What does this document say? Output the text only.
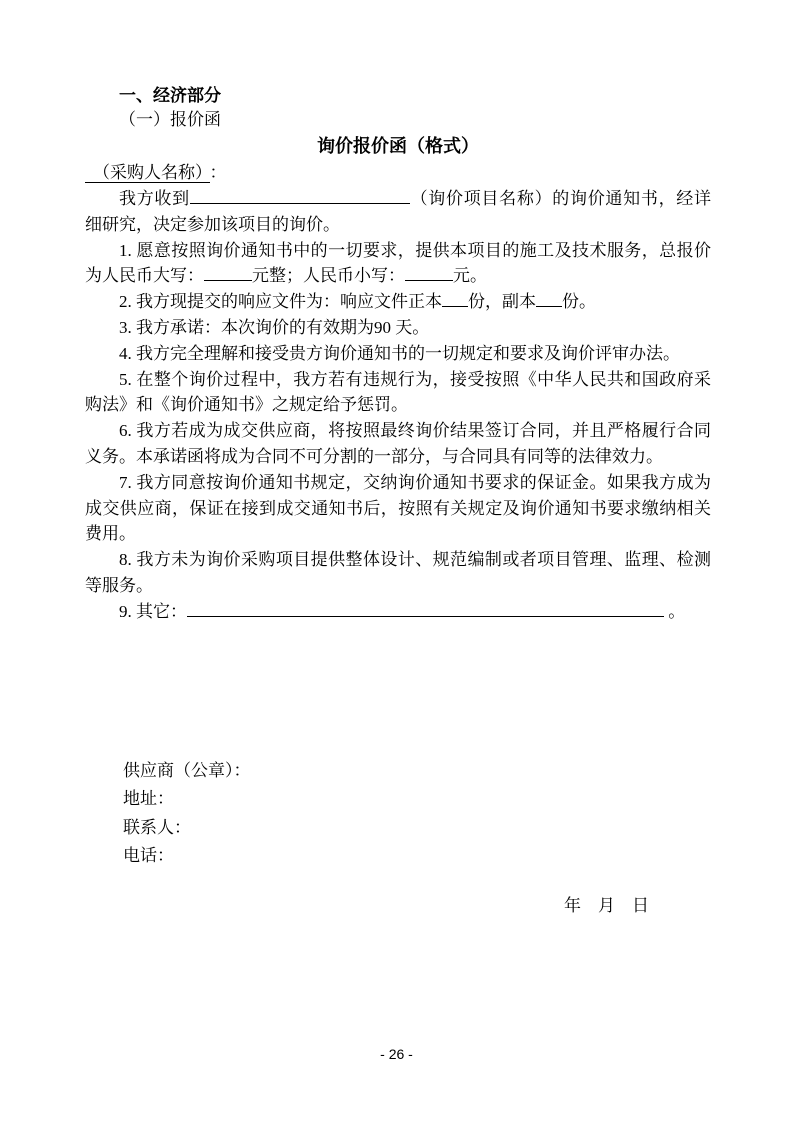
一、经济部分
（一）报价函
询价报价函（格式）
（采购人名称） ：

我方收到	（询价项目名称）的询价通知书，经详细研究，决定参加该项目的询价。

1. 愿意按照询价通知书中的一切要求，提供本项目的施工及技术服务，总报价为人民币大写：	元整；人民币小写：	元。

2. 我方现提交的响应文件为：响应文件正本 份，副本 份。

3. 我方承诺：本次询价的有效期为90 天。

4. 我方完全理解和接受贵方询价通知书的一切规定和要求及询价评审办法。

5. 在整个询价过程中，我方若有违规行为，接受按照《中华人民共和国政府采购法》和《询价通知书》之规定给予惩罚。

6. 我方若成为成交供应商，将按照最终询价结果签订合同，并且严格履行合同义务。本承诺函将成为合同不可分割的一部分，与合同具有同等的法律效力。

7. 我方同意按询价通知书规定，交纳询价通知书要求的保证金。如果我方成为成交供应商，保证在接到成交通知书后，按照有关规定及询价通知书要求缴纳相关费用。

8. 我方未为询价采购项目提供整体设计、规范编制或者项目管理、监理、检测等服务。

9. 其它：	。

供应商（公章）：
地址：
联系人：
电话：
年　月　日
- 26 -
